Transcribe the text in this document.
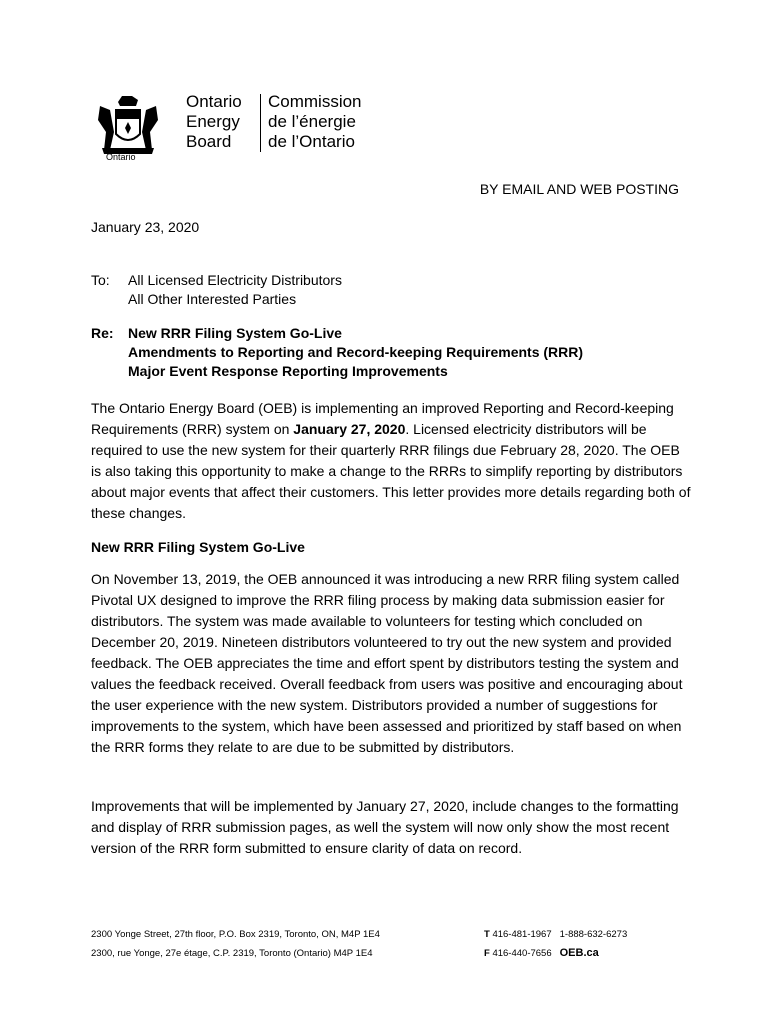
Ontario
Ontario
Energy
Board
Commission
de l’énergie
de l’Ontario
BY EMAIL AND WEB POSTING
January 23, 2020
To: All Licensed Electricity Distributors
All Other Interested Parties
Re: New RRR Filing System Go-Live
Amendments to Reporting and Record-keeping Requirements (RRR)
Major Event Response Reporting Improvements

The Ontario Energy Board (OEB) is implementing an improved Reporting and Record-keeping Requirements (RRR) system on January 27, 2020. Licensed electricity distributors will be required to use the new system for their quarterly RRR filings due February 28, 2020. The OEB is also taking this opportunity to make a change to the RRRs to simplify reporting by distributors about major events that affect their customers. This letter provides more details regarding both of these changes.

New RRR Filing System Go-Live

On November 13, 2019, the OEB announced it was introducing a new RRR filing system called Pivotal UX designed to improve the RRR filing process by making data submission easier for distributors. The system was made available to volunteers for testing which concluded on December 20, 2019. Nineteen distributors volunteered to try out the new system and provided feedback. The OEB appreciates the time and effort spent by distributors testing the system and values the feedback received. Overall feedback from users was positive and encouraging about the user experience with the new system. Distributors provided a number of suggestions for improvements to the system, which have been assessed and prioritized by staff based on when the RRR forms they relate to are due to be submitted by distributors.

Improvements that will be implemented by January 27, 2020, include changes to the formatting and display of RRR submission pages, as well the system will now only show the most recent version of the RRR form submitted to ensure clarity of data on record.

2300 Yonge Street, 27th floor, P.O. Box 2319, Toronto, ON, M4P 1E4
2300, rue Yonge, 27e étage, C.P. 2319, Toronto (Ontario) M4P 1E4
T 416-481-1967 1-888-632-6273
F 416-440-7656 OEB.ca
